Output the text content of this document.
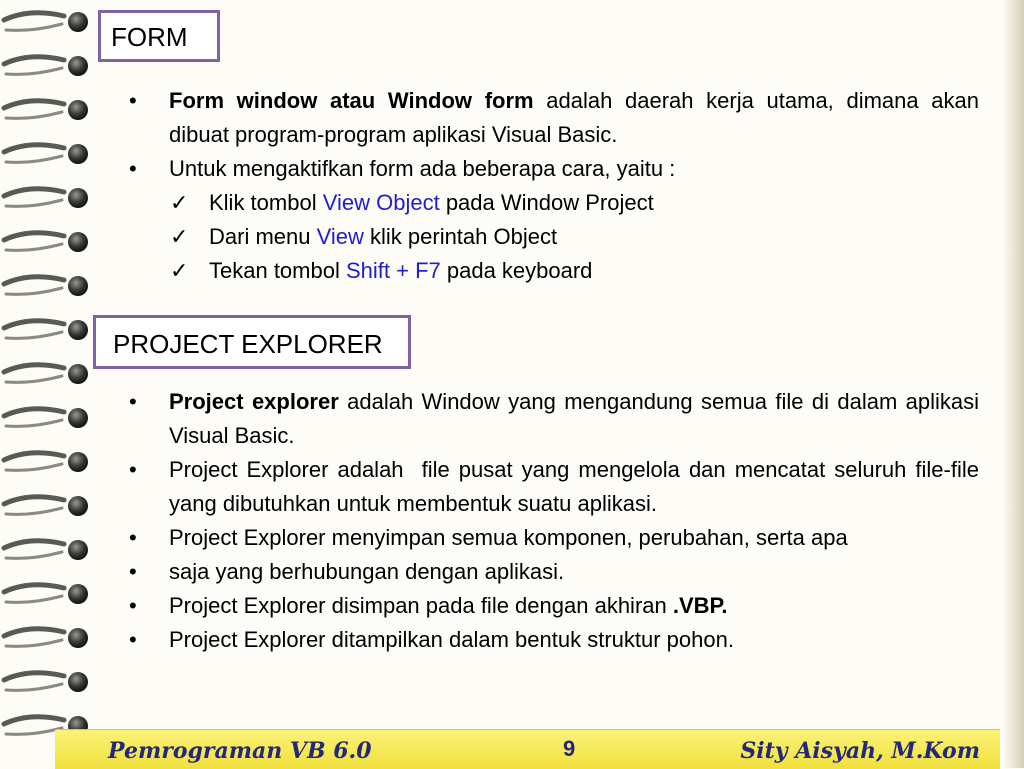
FORM
• Form window atau Window form adalah daerah kerja utama, dimana akan dibuat program-program aplikasi Visual Basic.
• Untuk mengaktifkan form ada beberapa cara, yaitu :
✓ Klik tombol View Object pada Window Project
✓ Dari menu View klik perintah Object
✓ Tekan tombol Shift + F7 pada keyboard
PROJECT EXPLORER
• Project explorer adalah Window yang mengandung semua file di dalam aplikasi Visual Basic.
• Project Explorer adalah  file pusat yang mengelola dan mencatat seluruh file-file yang dibutuhkan untuk membentuk suatu aplikasi.
• Project Explorer menyimpan semua komponen, perubahan, serta apa
• saja yang berhubungan dengan aplikasi.
• Project Explorer disimpan pada file dengan akhiran .VBP.
• Project Explorer ditampilkan dalam bentuk struktur pohon.
Pemrograman VB 6.0	9	Sity Aisyah, M.Kom
